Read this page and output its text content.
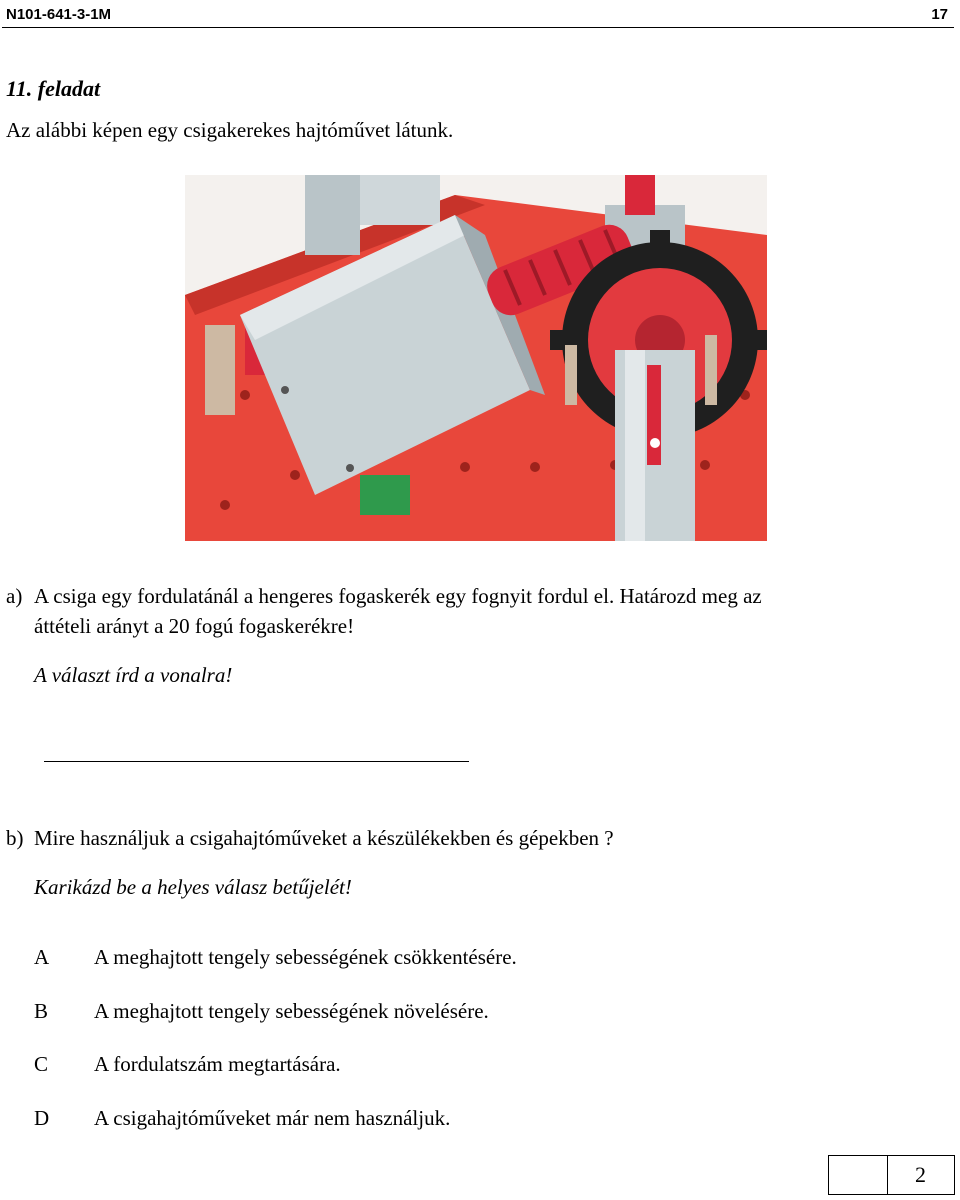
N101-641-3-1M	17
11. feladat
Az alábbi képen egy csigakerekes hajtóművet látunk.
a) A csiga egy fordulatánál a hengeres fogaskerék egy fognyit fordul el. Határozd meg az
áttételi arányt a 20 fogú fogaskerékre!
A választ írd a vonalra!
b) Mire használjuk a csigahajtóműveket a készülékekben és gépekben ?
Karikázd be a helyes válasz betűjelét!
A A meghajtott tengely sebességének csökkentésére.
B A meghajtott tengely sebességének növelésére.
C A fordulatszám megtartására.
D A csigahajtóműveket már nem használjuk.
2
